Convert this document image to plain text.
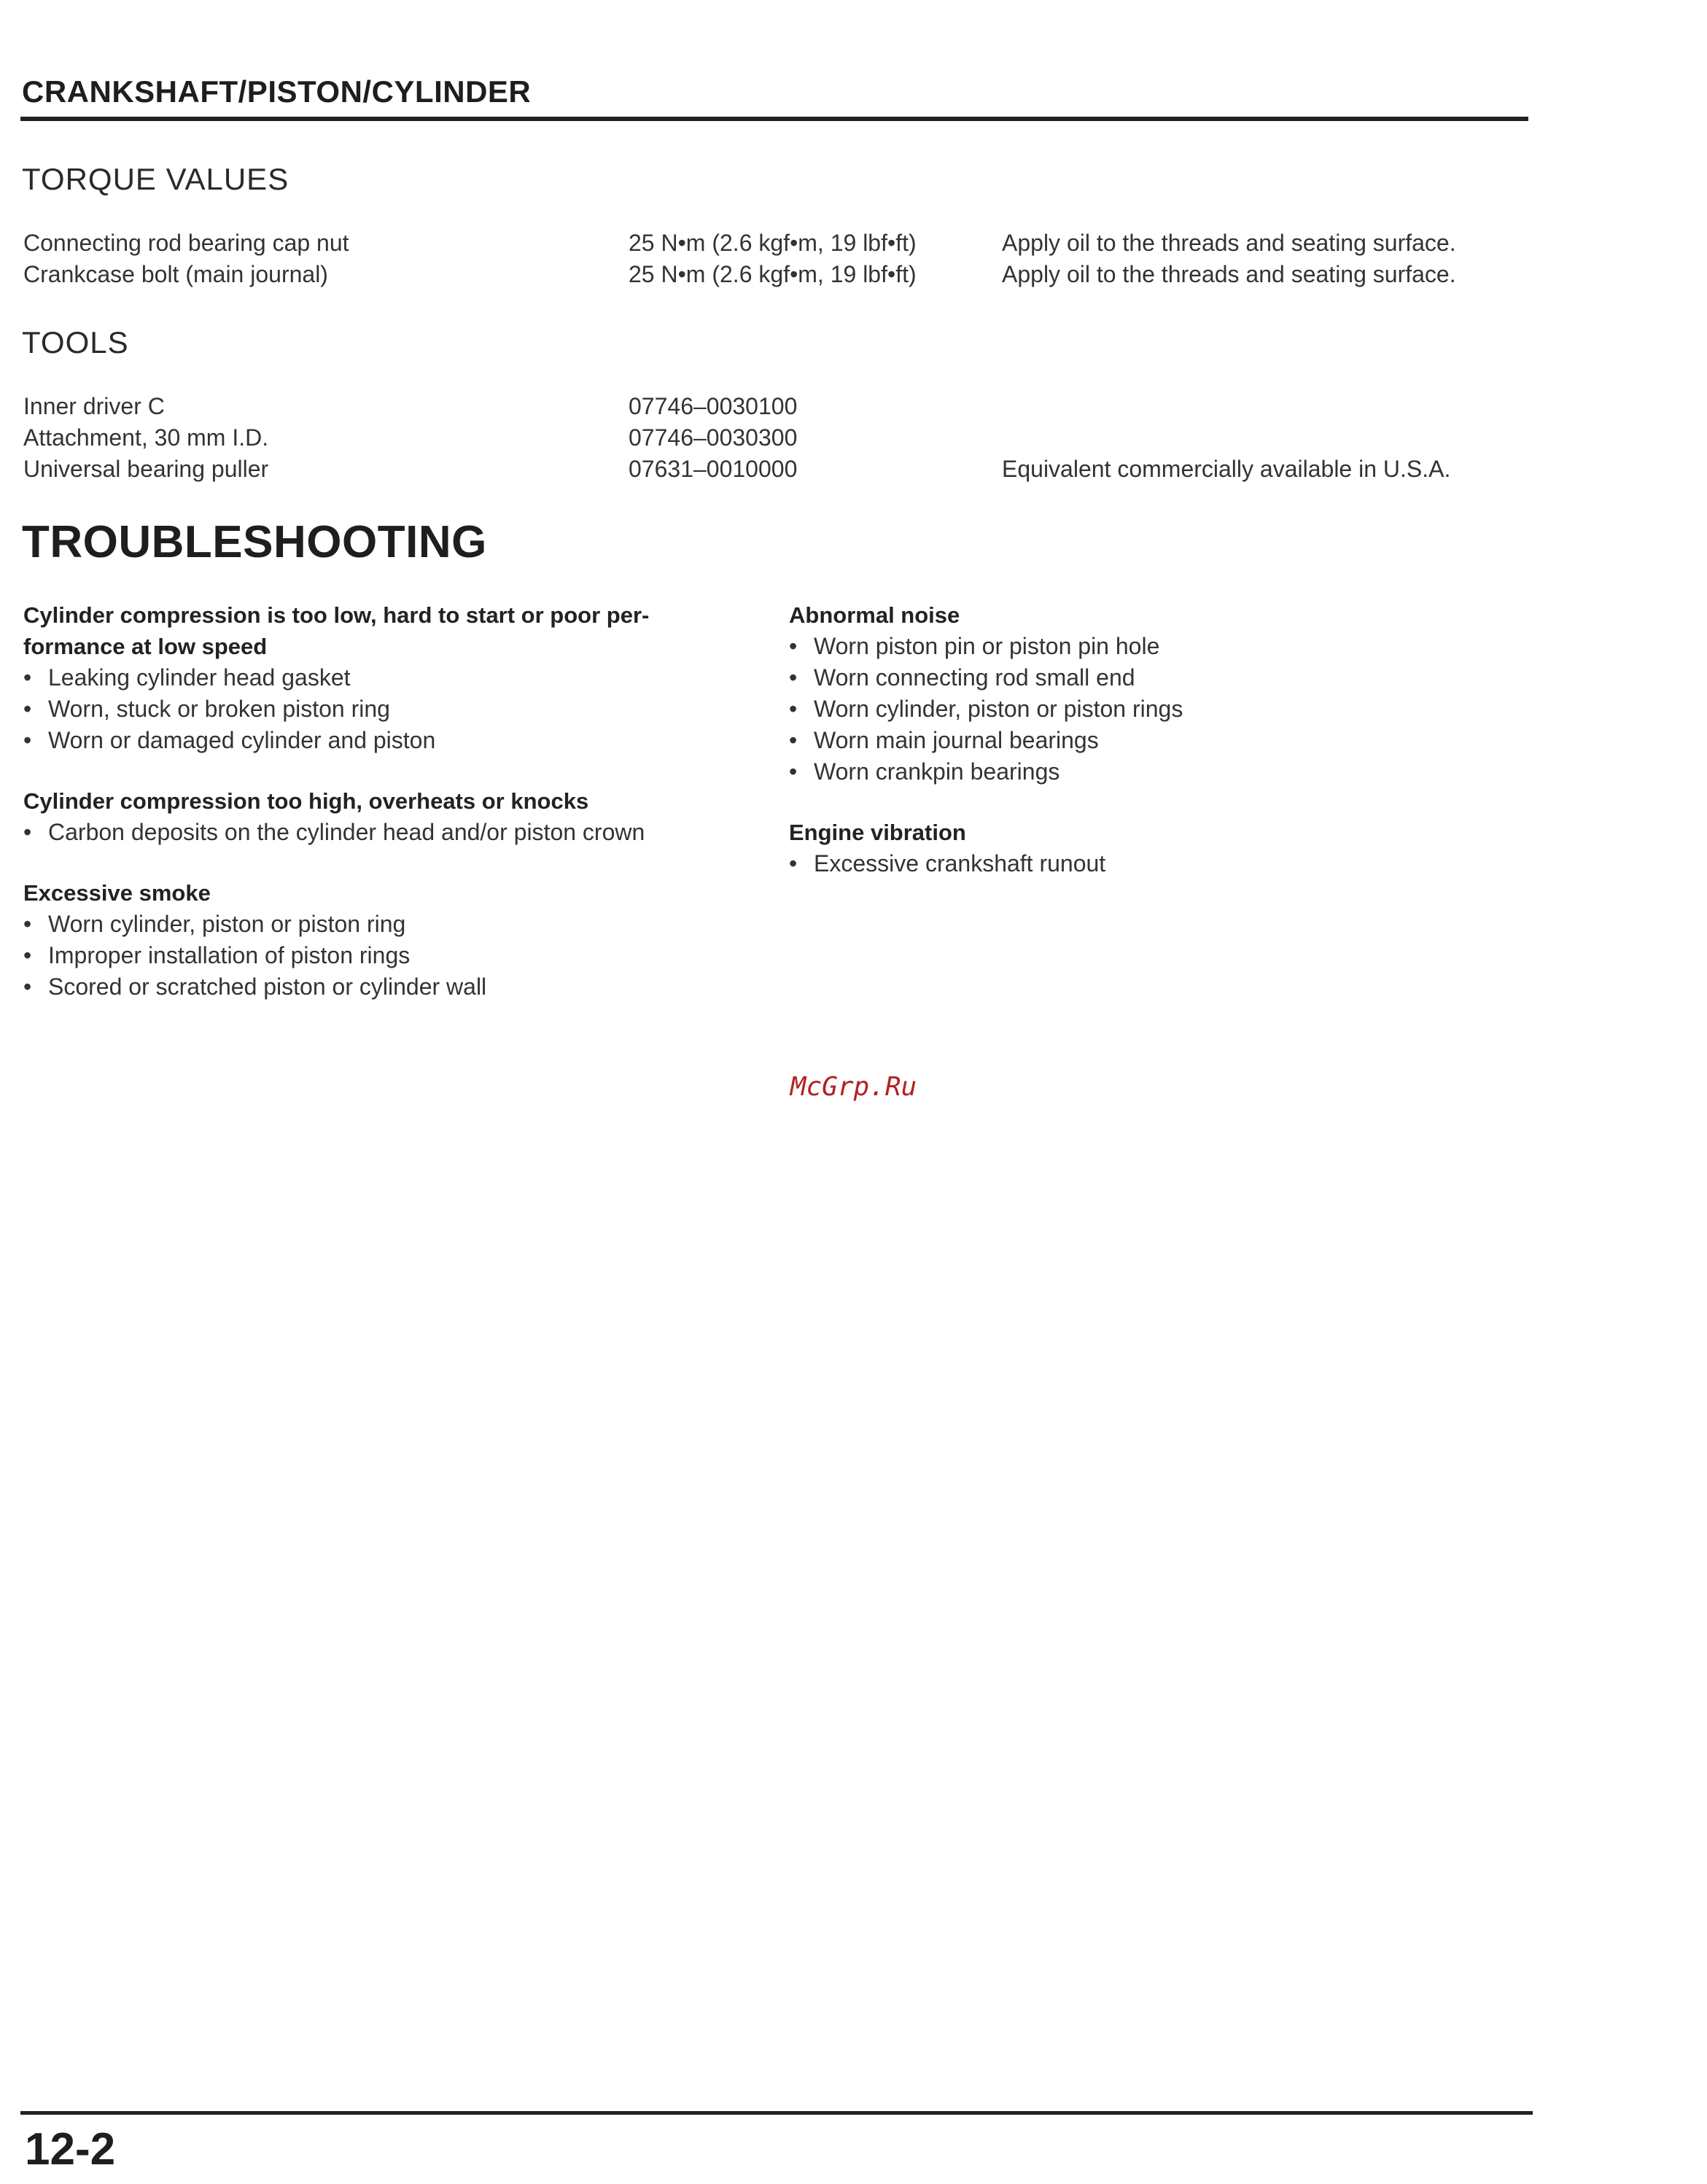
CRANKSHAFT/PISTON/CYLINDER
TORQUE VALUES
Connecting rod bearing cap nut	25 N•m (2.6 kgf•m, 19 lbf•ft)	Apply oil to the threads and seating surface.
Crankcase bolt (main journal)	25 N•m (2.6 kgf•m, 19 lbf•ft)	Apply oil to the threads and seating surface.
TOOLS
Inner driver C	07746–0030100
Attachment, 30 mm I.D.	07746–0030300
Universal bearing puller	07631–0010000	Equivalent commercially available in U.S.A.
TROUBLESHOOTING
Cylinder compression is too low, hard to start or poor per-
formance at low speed
• Leaking cylinder head gasket
• Worn, stuck or broken piston ring
• Worn or damaged cylinder and piston
Cylinder compression too high, overheats or knocks
• Carbon deposits on the cylinder head and/or piston crown
Excessive smoke
• Worn cylinder, piston or piston ring
• Improper installation of piston rings
• Scored or scratched piston or cylinder wall
Abnormal noise
• Worn piston pin or piston pin hole
• Worn connecting rod small end
• Worn cylinder, piston or piston rings
• Worn main journal bearings
• Worn crankpin bearings
Engine vibration
• Excessive crankshaft runout
McGrp.Ru
12-2
